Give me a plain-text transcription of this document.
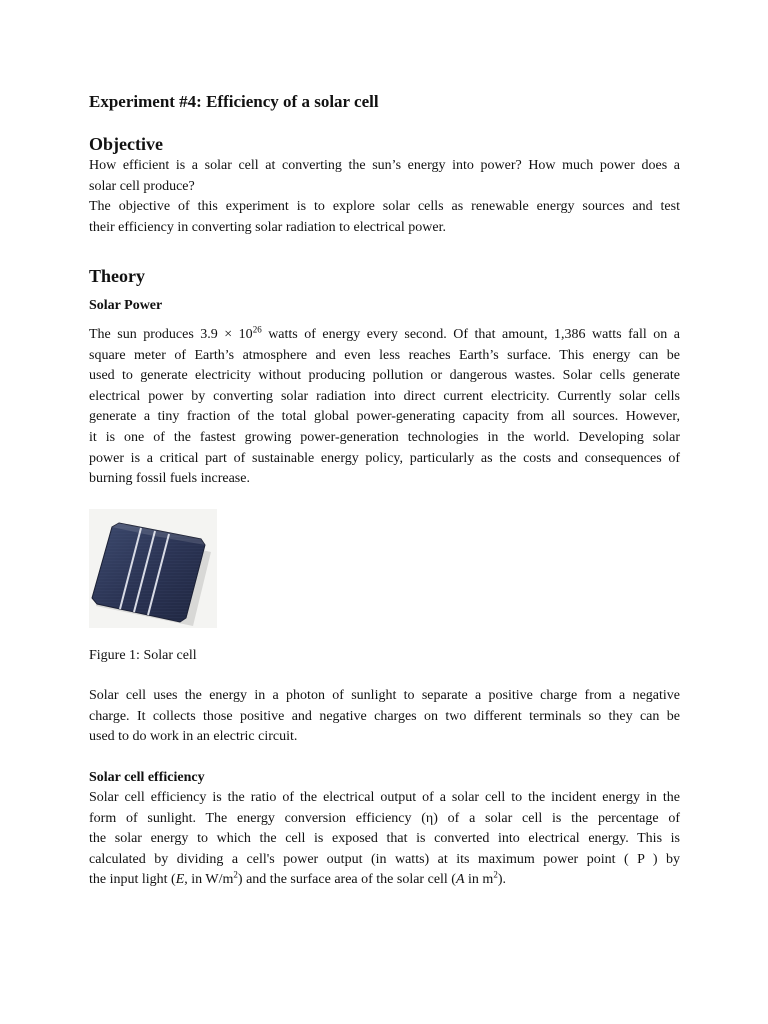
Experiment #4: Efficiency of a solar cell
Objective

How efficient is a solar cell at converting the sun’s energy into power? How much power does a
solar cell produce?

The objective of this experiment is to explore solar cells as renewable energy sources and test
their efficiency in converting solar radiation to electrical power.

Theory
Solar Power

The sun produces $3.9 \times 10^{26}$ watts of energy every second. Of that amount, 1,386 watts fall on a
square meter of Earth’s atmosphere and even less reaches Earth’s surface. This energy can be
used to generate electricity without producing pollution or dangerous wastes. Solar cells generate
electrical power by converting solar radiation into direct current electricity. Currently solar cells
generate a tiny fraction of the total global power-generating capacity from all sources. However,
it is one of the fastest growing power-generation technologies in the world. Developing solar
power is a critical part of sustainable energy policy, particularly as the costs and consequences of
burning fossil fuels increase.

Figure 1: Solar cell

Solar cell uses the energy in a photon of sunlight to separate a positive charge from a negative
charge. It collects those positive and negative charges on two different terminals so they can be
used to do work in an electric circuit.

Solar cell efficiency

Solar cell efficiency is the ratio of the electrical output of a solar cell to the incident energy in the
form of sunlight. The energy conversion efficiency (η) of a solar cell is the percentage of
the solar energy to which the cell is exposed that is converted into electrical energy. This is
calculated by dividing a cell's power output (in watts) at its maximum power point ( P ) by
the input light (E, in $W/m^2$) and the surface area of the solar cell (A in $m^2$).
